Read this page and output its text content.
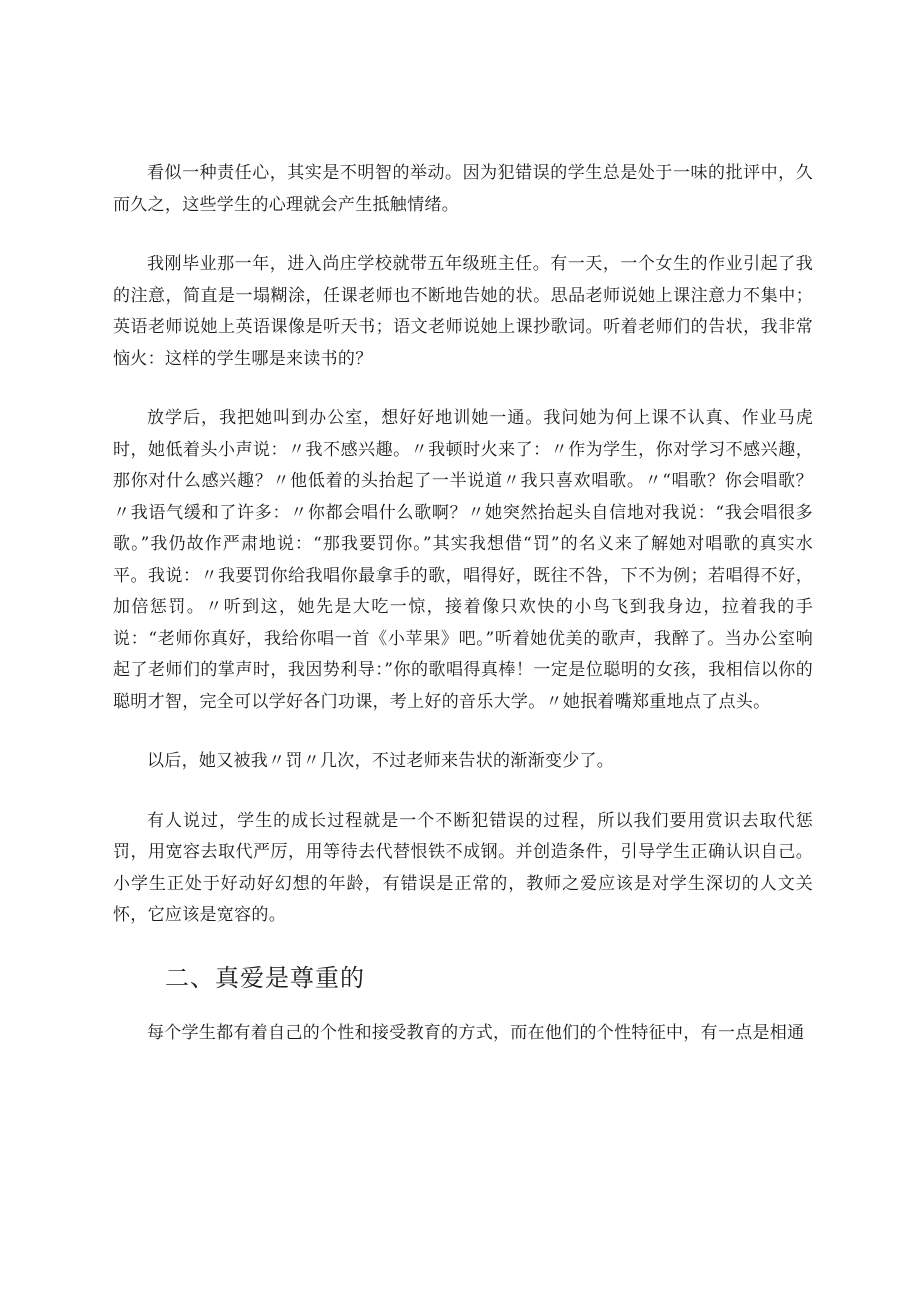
看似一种责任心，其实是不明智的举动。因为犯错误的学生总是处于一味的批评中，久而久之，这些学生的心理就会产生抵触情绪。

我刚毕业那一年，进入尚庄学校就带五年级班主任。有一天，一个女生的作业引起了我的注意，简直是一塌糊涂，任课老师也不断地告她的状。思品老师说她上课注意力不集中；英语老师说她上英语课像是听天书；语文老师说她上课抄歌词。听着老师们的告状，我非常恼火：这样的学生哪是来读书的？

放学后，我把她叫到办公室，想好好地训她一通。我问她为何上课不认真、作业马虎时，她低着头小声说：〃我不感兴趣。〃我顿时火来了：〃作为学生，你对学习不感兴趣，那你对什么感兴趣？〃他低着的头抬起了一半说道〃我只喜欢唱歌。〃“唱歌？你会唱歌？〃我语气缓和了许多：〃你都会唱什么歌啊？〃她突然抬起头自信地对我说：“我会唱很多歌。”我仍故作严肃地说：“那我要罚你。”其实我想借“罚”的名义来了解她对唱歌的真实水平。我说：〃我要罚你给我唱你最拿手的歌，唱得好，既往不咎，下不为例；若唱得不好，加倍惩罚。〃听到这，她先是大吃一惊，接着像只欢快的小鸟飞到我身边，拉着我的手说：“老师你真好，我给你唱一首《小苹果》吧。”听着她优美的歌声，我醉了。当办公室响起了老师们的掌声时，我因势利导：”你的歌唱得真棒！一定是位聪明的女孩，我相信以你的聪明才智，完全可以学好各门功课，考上好的音乐大学。〃她抿着嘴郑重地点了点头。

以后，她又被我〃罚〃几次，不过老师来告状的渐渐变少了。

有人说过，学生的成长过程就是一个不断犯错误的过程，所以我们要用赏识去取代惩罚，用宽容去取代严厉，用等待去代替恨铁不成钢。并创造条件，引导学生正确认识自己。小学生正处于好动好幻想的年龄，有错误是正常的，教师之爱应该是对学生深切的人文关怀，它应该是宽容的。

二、真爱是尊重的

每个学生都有着自己的个性和接受教育的方式，而在他们的个性特征中，有一点是相通
